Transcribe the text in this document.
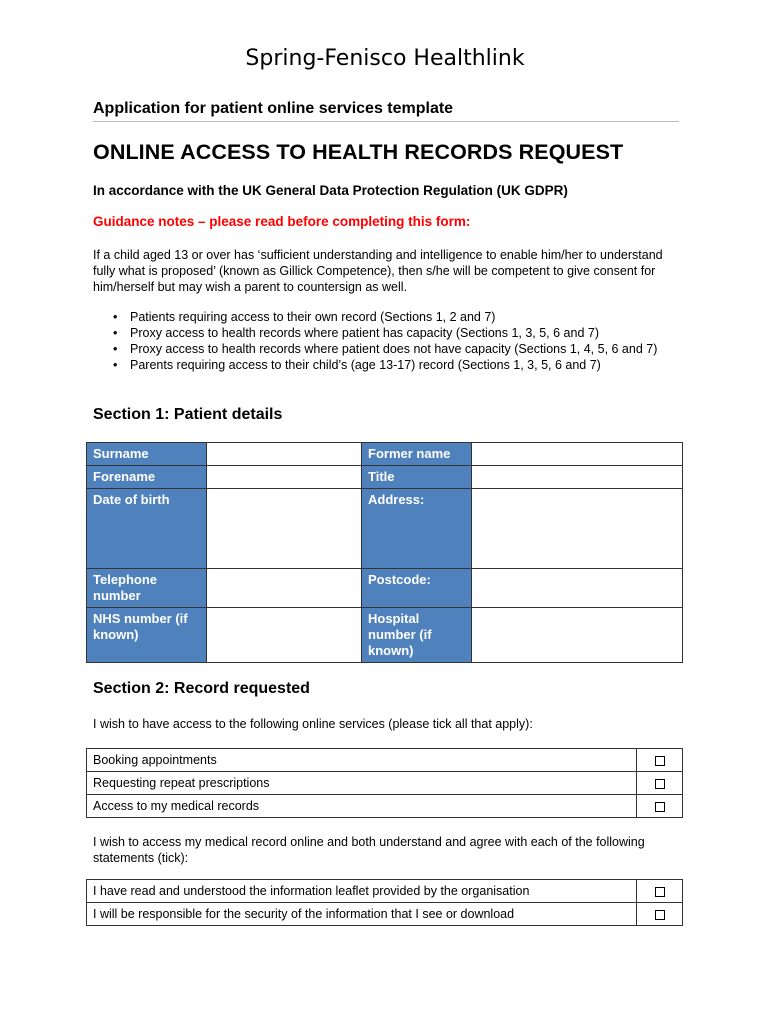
Spring-Fenisco Healthlink
Application for patient online services template
ONLINE ACCESS TO HEALTH RECORDS REQUEST
In accordance with the UK General Data Protection Regulation (UK GDPR)
Guidance notes – please read before completing this form:
If a child aged 13 or over has ‘sufficient understanding and intelligence to enable him/her to understand fully what is proposed’ (known as Gillick Competence), then s/he will be competent to give consent for him/herself but may wish a parent to countersign as well.
• Patients requiring access to their own record (Sections 1, 2 and 7)
• Proxy access to health records where patient has capacity (Sections 1, 3, 5, 6 and 7)
• Proxy access to health records where patient does not have capacity (Sections 1, 4, 5, 6 and 7)
• Parents requiring access to their child’s (age 13-17) record (Sections 1, 3, 5, 6 and 7)
Section 1: Patient details
Surname		Former name	
Forename		Title	
Date of birth		Address:	
Telephone number		Postcode:	
NHS number (if known)		Hospital number (if known)	
Section 2: Record requested
I wish to have access to the following online services (please tick all that apply):
Booking appointments	
Requesting repeat prescriptions	
Access to my medical records	
I wish to access my medical record online and both understand and agree with each of the following statements (tick):
I have read and understood the information leaflet provided by the organisation	
I will be responsible for the security of the information that I see or download	
